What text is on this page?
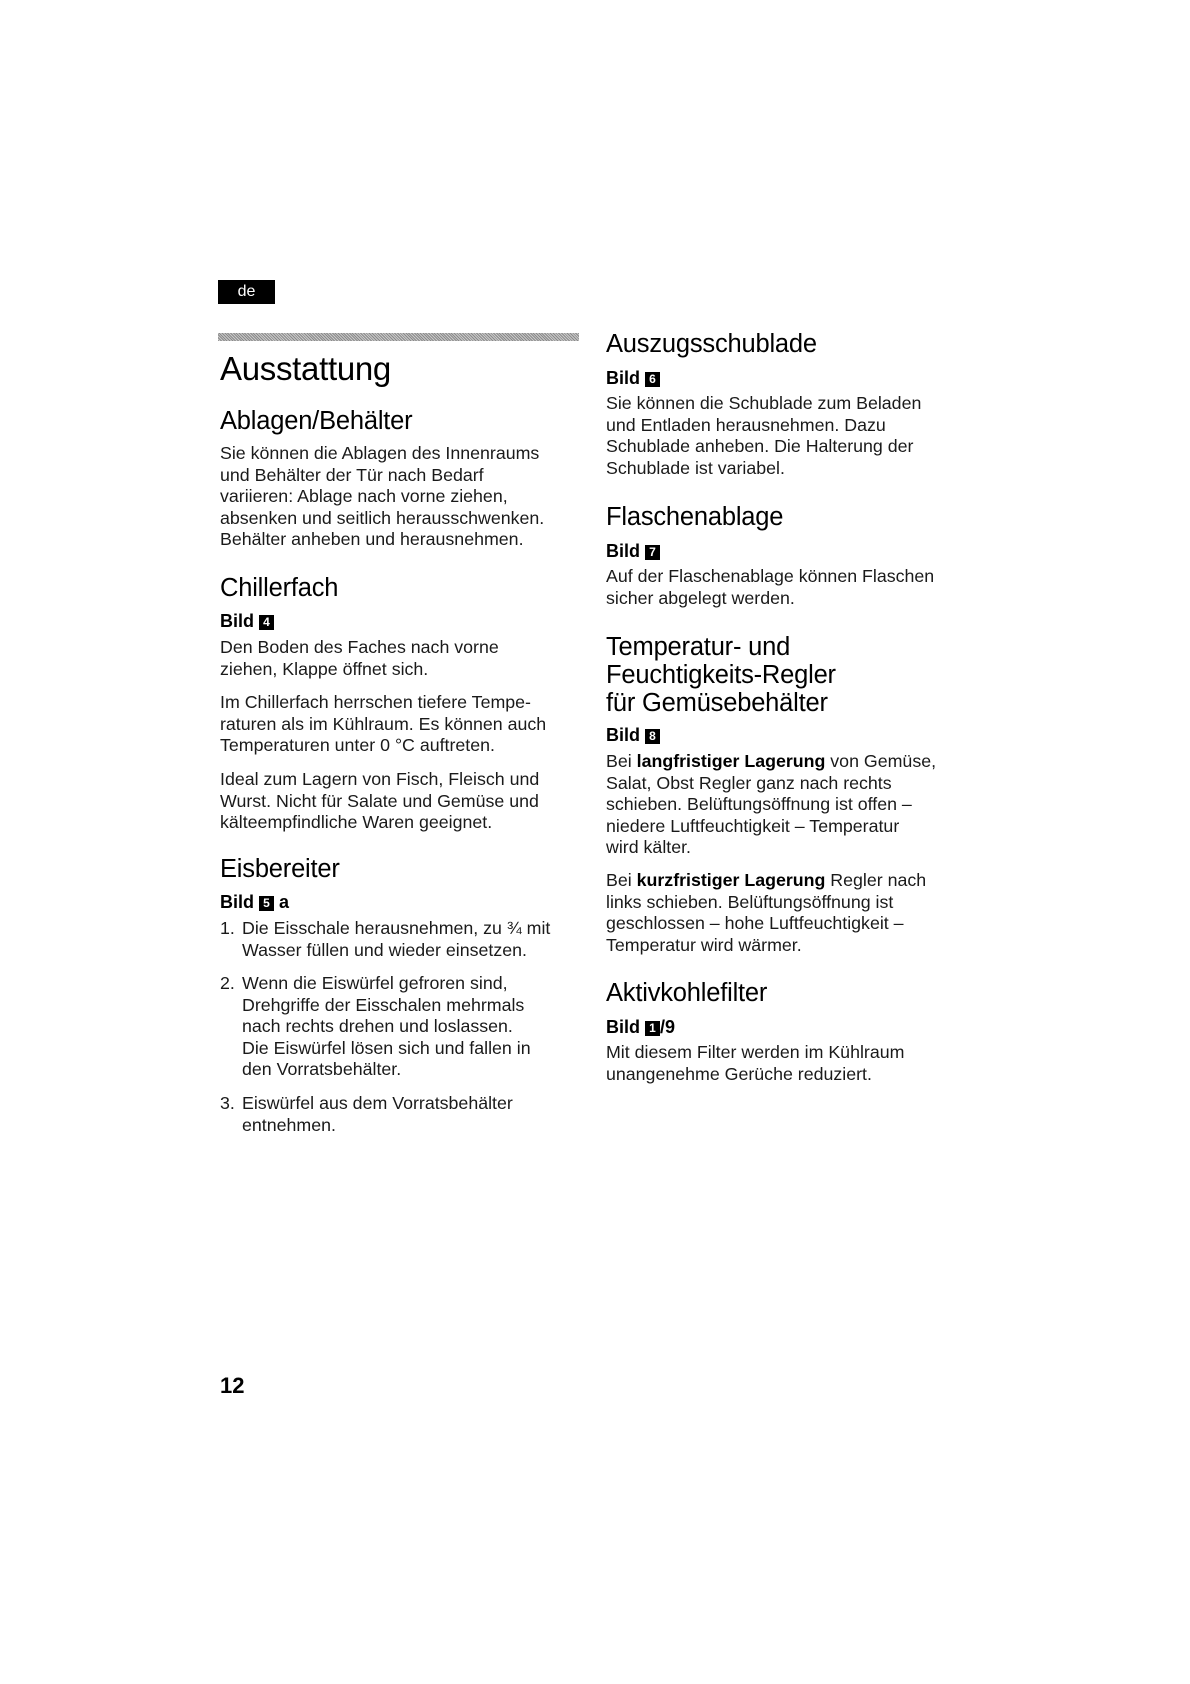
de
Ausstattung
Ablagen/Behälter
Sie können die Ablagen des Innenraums
und Behälter der Tür nach Bedarf
variieren: Ablage nach vorne ziehen,
absenken und seitlich herausschwenken.
Behälter anheben und herausnehmen.
Chillerfach
Bild 4
Den Boden des Faches nach vorne
ziehen, Klappe öffnet sich.
Im Chillerfach herrschen tiefere Tempe-
raturen als im Kühlraum. Es können auch
Temperaturen unter 0 °C auftreten.
Ideal zum Lagern von Fisch, Fleisch und
Wurst. Nicht für Salate und Gemüse und
kälteempfindliche Waren geeignet.
Eisbereiter
Bild 5 a
1. Die Eisschale herausnehmen, zu ¾ mit
Wasser füllen und wieder einsetzen.
2. Wenn die Eiswürfel gefroren sind,
Drehgriffe der Eisschalen mehrmals
nach rechts drehen und loslassen.
Die Eiswürfel lösen sich und fallen in
den Vorratsbehälter.
3. Eiswürfel aus dem Vorratsbehälter
entnehmen.
Auszugsschublade
Bild 6
Sie können die Schublade zum Beladen
und Entladen herausnehmen. Dazu
Schublade anheben. Die Halterung der
Schublade ist variabel.
Flaschenablage
Bild 7
Auf der Flaschenablage können Flaschen
sicher abgelegt werden.
Temperatur- und
Feuchtigkeits-Regler
für Gemüsebehälter
Bild 8
Bei langfristiger Lagerung von Gemüse,
Salat, Obst Regler ganz nach rechts
schieben. Belüftungsöffnung ist offen –
niedere Luftfeuchtigkeit – Temperatur
wird kälter.
Bei kurzfristiger Lagerung Regler nach
links schieben. Belüftungsöffnung ist
geschlossen – hohe Luftfeuchtigkeit –
Temperatur wird wärmer.
Aktivkohlefilter
Bild 1 /9
Mit diesem Filter werden im Kühlraum
unangenehme Gerüche reduziert.
12
